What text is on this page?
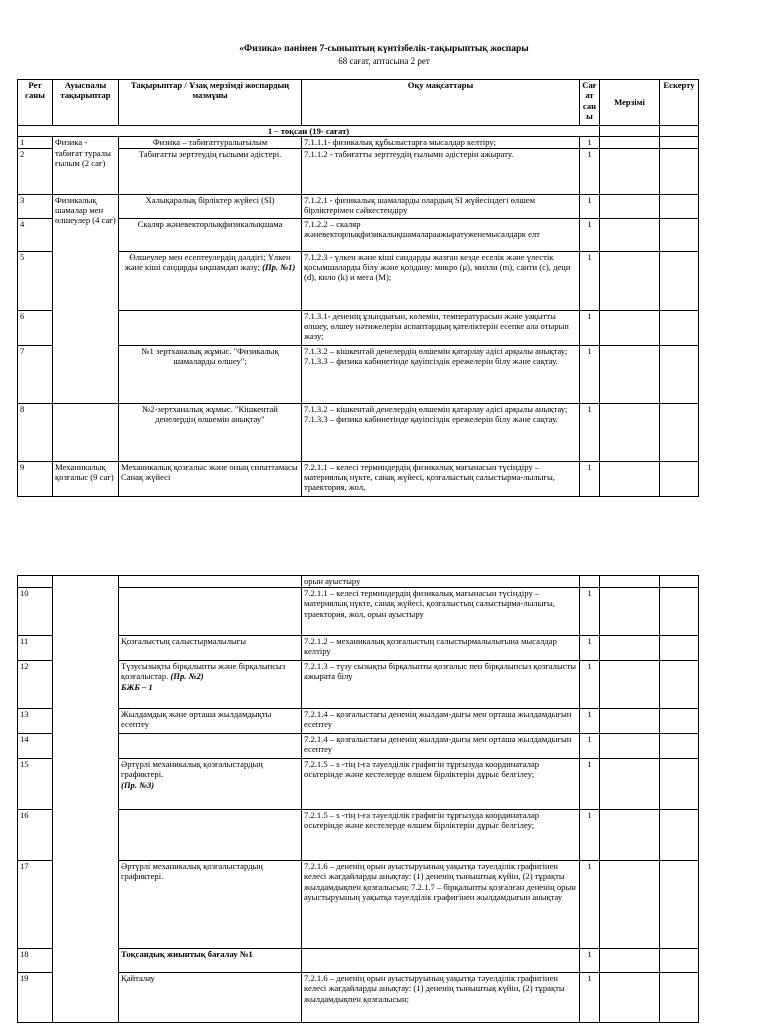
«Физика» пәнінен 7-сыныптың күнтізбелік-тақырыптық жоспары
68 сағат, аптасына 2 рет
Рет саны	Ауыспалы тақырыптар	Тақырыптар / Ұзақ мерзімді жоспардың мазмұны	Оқу мақсаттары	Сағат саны	Мерзімі	Ескерту
1 – тоқсан (19- сағат)						
1	Физика - табиғат туралы ғылым (2 сағ)	Физика – табиғаттуралығылым	7.1.1.1- физикалық құбылыстарға мысалдар келтіру;	1		
2		Табиғатты зерттеудің ғылыми әдістері.	7.1.1.2 - табиғатты зерттеудің ғылыми әдістерін ажырату.	1		
3	Физикалық шамалар мен өлшеулер (4 сағ)	Халықаралық бірліктер жүйесі (SI)	7.1.2.1 - физикалық шамаларды олардың SI жүйесіндегі өлшем бірліктерімен сәйкестендіру	1		
4		Скаляр жәневекторлықфизикалықшама	7.1.2.2 – скаляр жәневекторлықфизикалықшамалараажыратуженемысалдарк елт	1		
5		Өлшеулер мен есептеулердің дәлдігі; Үлкен және кіші сандарды ықшамдап жазу; (Пр. №1)	7.1.2.3 - үлкен және кіші сандарды жазған кезде еселік және үлестік қосымшаларды білу және қолдану: микро (μ), милли (m), санти (с), деци (d), кило (k) и мега (М);	1		
6			7.1.3.1- дененің ұзындығын, көлемін, температурасын және уақытты өлшеу, өлшеу нәтижелерін аспаптардың қателіктерін есепке ала отырып жазу;	1		
7		№1 зертханалық жұмыс. "Физикалық шамаларды өлшеу";	7.1.3.2 – кішкентай денелердің өлшемін қатарлау әдісі арқылы анықтау; 7.1.3.3 – физика кабинетінде қауіпсіздік ережелерін білу және сақтау.	1		
8		№2-зертханалық жұмыс. "Кішкентай денелердің өлшемін анықтау"	7.1.3.2 – кішкентай денелердің өлшемін қатарлау әдісі арқылы анықтау; 7.1.3.3 – физика кабинетінде қауіпсіздік ережелерін білу және сақтау.	1		
9	Механикалық қозғалыс (9 сағ)	Механикалық қозғалыс және оның сипаттамасы Санақ жүйесі	7.2.1.1 – келесі терминдердің физикалық мағынасын түсіндіру – материялық нүкте, санақ жүйесі, қозғалыстың салыстырма-лылығы, траектория, жол,	1		
			орын ауыстыру			
10			7.2.1.1 – келесі терминдердің физикалық мағынасын түсіндіру – материялық нүкте, санақ жүйесі, қозғалыстың салыстырма-лылығы, траектория, жол, орын ауыстыру	1		
11		Қозғалыстың салыстырмалылығы	7.2.1.2 – механикалық қозғалыстың салыстырмалылығына мысалдар келтіру	1		
12		Түзусызықты бірқалыпты және бірқалыпсыз қозғалыстар. (Пр. №2)
БЖБ – 1	7.2.1.3 – түзу сызықты бірқалыпты қозғалыс пен бірқалыпсыз қозғалысты ажырата білу	1		
13		Жылдамдық және орташа жылдамдықты есептеу	7.2.1.4 – қозғалыстағы дененің жылдам-дығы мен орташа жылдамдығын есептеу	1		
14			7.2.1.4 – қозғалыстағы дененің жылдам-дығы мен орташа жылдамдығын есептеу	1		
15		Әртүрлі механикалық қозғалыстардың графиктері.
(Пр. №3)	7.2.1.5 – s -тің t-ға тәуелділік графигін тұрғызуда координаталар осьтерінде және кестелерде өлшем бірліктерін дұрыс белгілеу;	1		
16			7.2.1.5 – s -тің t-ға тәуелділік графигін тұрғызуда координаталар осьтерінде және кестелерде өлшем бірліктерін дұрыс белгілеу;	1		
17		Әртүрлі механикалық қозғалыстардың графиктері.	7.2.1.6 – дененің орын ауыстыруының уақытқа тәуелділік графигінен келесі жағдайларды анықтау: (1) дененің тыныштық күйін, (2) тұрақты жылдамдықпен қозғалысын; 7.2.1.7 – бірқалыпты қозғалған дененің орын ауыстыруының уақытқа тәуелділік графигінен жылдамдығын анықтау	1		
18		Тоқсандық жиынтық бағалау №1		1		
19		Қайталау	7.2.1.6 – дененің орын ауыстыруының уақытқа тәуелділік графигінен келесі жағдайларды анықтау: (1) дененің тыныштық күйін, (2) тұрақты жылдамдықпен қозғалысын;	1		
